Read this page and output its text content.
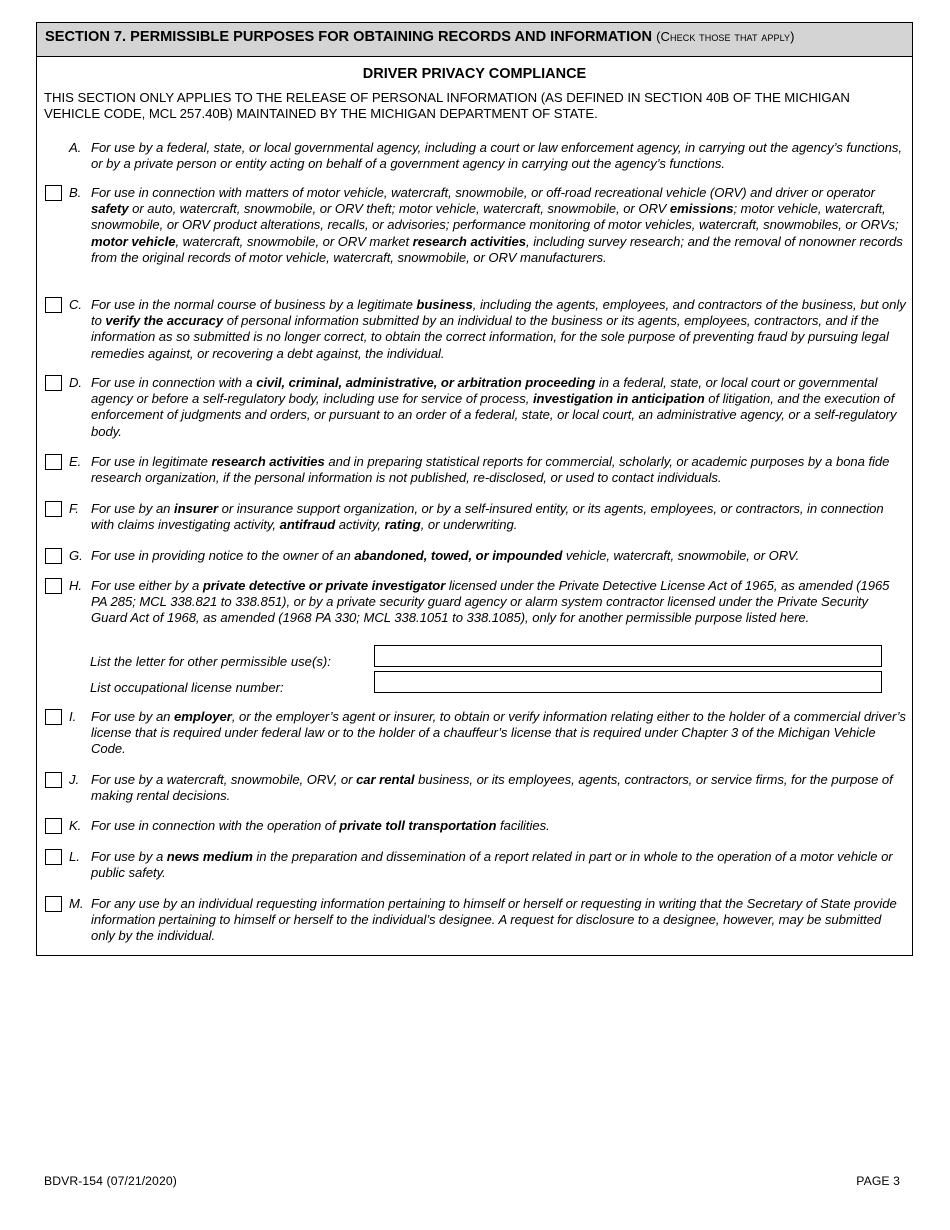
SECTION 7. PERMISSIBLE PURPOSES FOR OBTAINING RECORDS AND INFORMATION (Check those that apply)
DRIVER PRIVACY COMPLIANCE
THIS SECTION ONLY APPLIES TO THE RELEASE OF PERSONAL INFORMATION (AS DEFINED IN SECTION 40B OF THE MICHIGAN VEHICLE CODE, MCL 257.40B) MAINTAINED BY THE MICHIGAN DEPARTMENT OF STATE.
A. For use by a federal, state, or local governmental agency, including a court or law enforcement agency, in carrying out the agency’s functions, or by a private person or entity acting on behalf of a government agency in carrying out the agency’s functions.
B. For use in connection with matters of motor vehicle, watercraft, snowmobile, or off-road recreational vehicle (ORV) and driver or operator safety or auto, watercraft, snowmobile, or ORV theft; motor vehicle, watercraft, snowmobile, or ORV emissions; motor vehicle, watercraft, snowmobile, or ORV product alterations, recalls, or advisories; performance monitoring of motor vehicles, watercraft, snowmobiles, or ORVs; motor vehicle, watercraft, snowmobile, or ORV market research activities, including survey research; and the removal of nonowner records from the original records of motor vehicle, watercraft, snowmobile, or ORV manufacturers.
C. For use in the normal course of business by a legitimate business, including the agents, employees, and contractors of the business, but only to verify the accuracy of personal information submitted by an individual to the business or its agents, employees, contractors, and if the information as so submitted is no longer correct, to obtain the correct information, for the sole purpose of preventing fraud by pursuing legal remedies against, or recovering a debt against, the individual.
D. For use in connection with a civil, criminal, administrative, or arbitration proceeding in a federal, state, or local court or governmental agency or before a self-regulatory body, including use for service of process, investigation in anticipation of litigation, and the execution of enforcement of judgments and orders, or pursuant to an order of a federal, state, or local court, an administrative agency, or a self-regulatory body.
E. For use in legitimate research activities and in preparing statistical reports for commercial, scholarly, or academic purposes by a bona fide research organization, if the personal information is not published, re-disclosed, or used to contact individuals.
F. For use by an insurer or insurance support organization, or by a self-insured entity, or its agents, employees, or contractors, in connection with claims investigating activity, antifraud activity, rating, or underwriting.
G. For use in providing notice to the owner of an abandoned, towed, or impounded vehicle, watercraft, snowmobile, or ORV.
H. For use either by a private detective or private investigator licensed under the Private Detective License Act of 1965, as amended (1965 PA 285; MCL 338.821 to 338.851), or by a private security guard agency or alarm system contractor licensed under the Private Security Guard Act of 1968, as amended (1968 PA 330; MCL 338.1051 to 338.1085), only for another permissible purpose listed here.
I. For use by an employer, or the employer’s agent or insurer, to obtain or verify information relating either to the holder of a commercial driver’s license that is required under federal law or to the holder of a chauffeur’s license that is required under Chapter 3 of the Michigan Vehicle Code.
J. For use by a watercraft, snowmobile, ORV, or car rental business, or its employees, agents, contractors, or service firms, for the purpose of making rental decisions.
K. For use in connection with the operation of private toll transportation facilities.
L. For use by a news medium in the preparation and dissemination of a report related in part or in whole to the operation of a motor vehicle or public safety.
M. For any use by an individual requesting information pertaining to himself or herself or requesting in writing that the Secretary of State provide information pertaining to himself or herself to the individual’s designee. A request for disclosure to a designee, however, may be submitted only by the individual.
List the letter for other permissible use(s):
List occupational license number:
BDVR-154 (07/21/2020)	PAGE 3
